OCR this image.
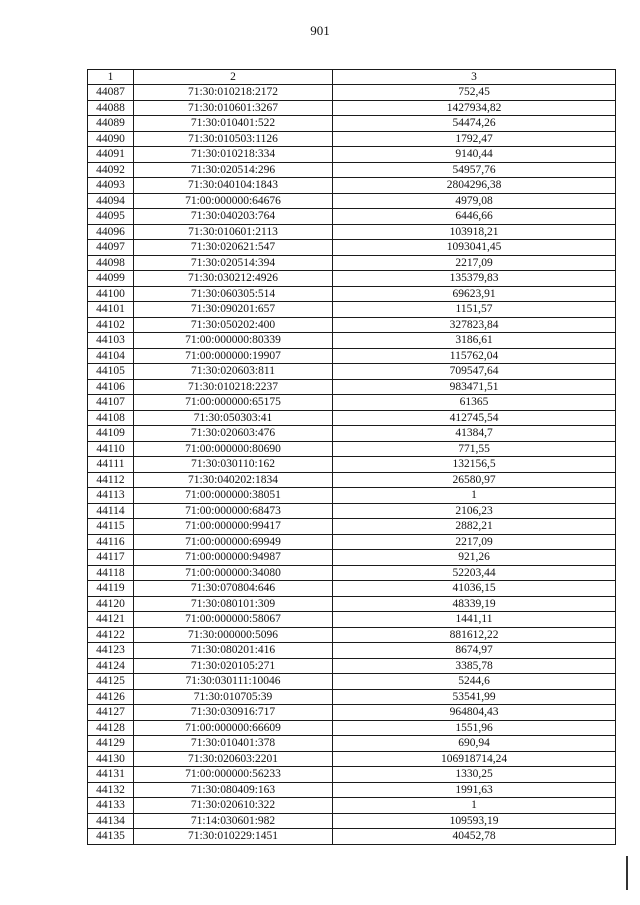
901
1	2	3
44087	71:30:010218:2172	752,45
44088	71:30:010601:3267	1427934,82
44089	71:30:010401:522	54474,26
44090	71:30:010503:1126	1792,47
44091	71:30:010218:334	9140,44
44092	71:30:020514:296	54957,76
44093	71:30:040104:1843	2804296,38
44094	71:00:000000:64676	4979,08
44095	71:30:040203:764	6446,66
44096	71:30:010601:2113	103918,21
44097	71:30:020621:547	1093041,45
44098	71:30:020514:394	2217,09
44099	71:30:030212:4926	135379,83
44100	71:30:060305:514	69623,91
44101	71:30:090201:657	1151,57
44102	71:30:050202:400	327823,84
44103	71:00:000000:80339	3186,61
44104	71:00:000000:19907	115762,04
44105	71:30:020603:811	709547,64
44106	71:30:010218:2237	983471,51
44107	71:00:000000:65175	61365
44108	71:30:050303:41	412745,54
44109	71:30:020603:476	41384,7
44110	71:00:000000:80690	771,55
44111	71:30:030110:162	132156,5
44112	71:30:040202:1834	26580,97
44113	71:00:000000:38051	1
44114	71:00:000000:68473	2106,23
44115	71:00:000000:99417	2882,21
44116	71:00:000000:69949	2217,09
44117	71:00:000000:94987	921,26
44118	71:00:000000:34080	52203,44
44119	71:30:070804:646	41036,15
44120	71:30:080101:309	48339,19
44121	71:00:000000:58067	1441,11
44122	71:30:000000:5096	881612,22
44123	71:30:080201:416	8674,97
44124	71:30:020105:271	3385,78
44125	71:30:030111:10046	5244,6
44126	71:30:010705:39	53541,99
44127	71:30:030916:717	964804,43
44128	71:00:000000:66609	1551,96
44129	71:30:010401:378	690,94
44130	71:30:020603:2201	106918714,24
44131	71:00:000000:56233	1330,25
44132	71:30:080409:163	1991,63
44133	71:30:020610:322	1
44134	71:14:030601:982	109593,19
44135	71:30:010229:1451	40452,78
